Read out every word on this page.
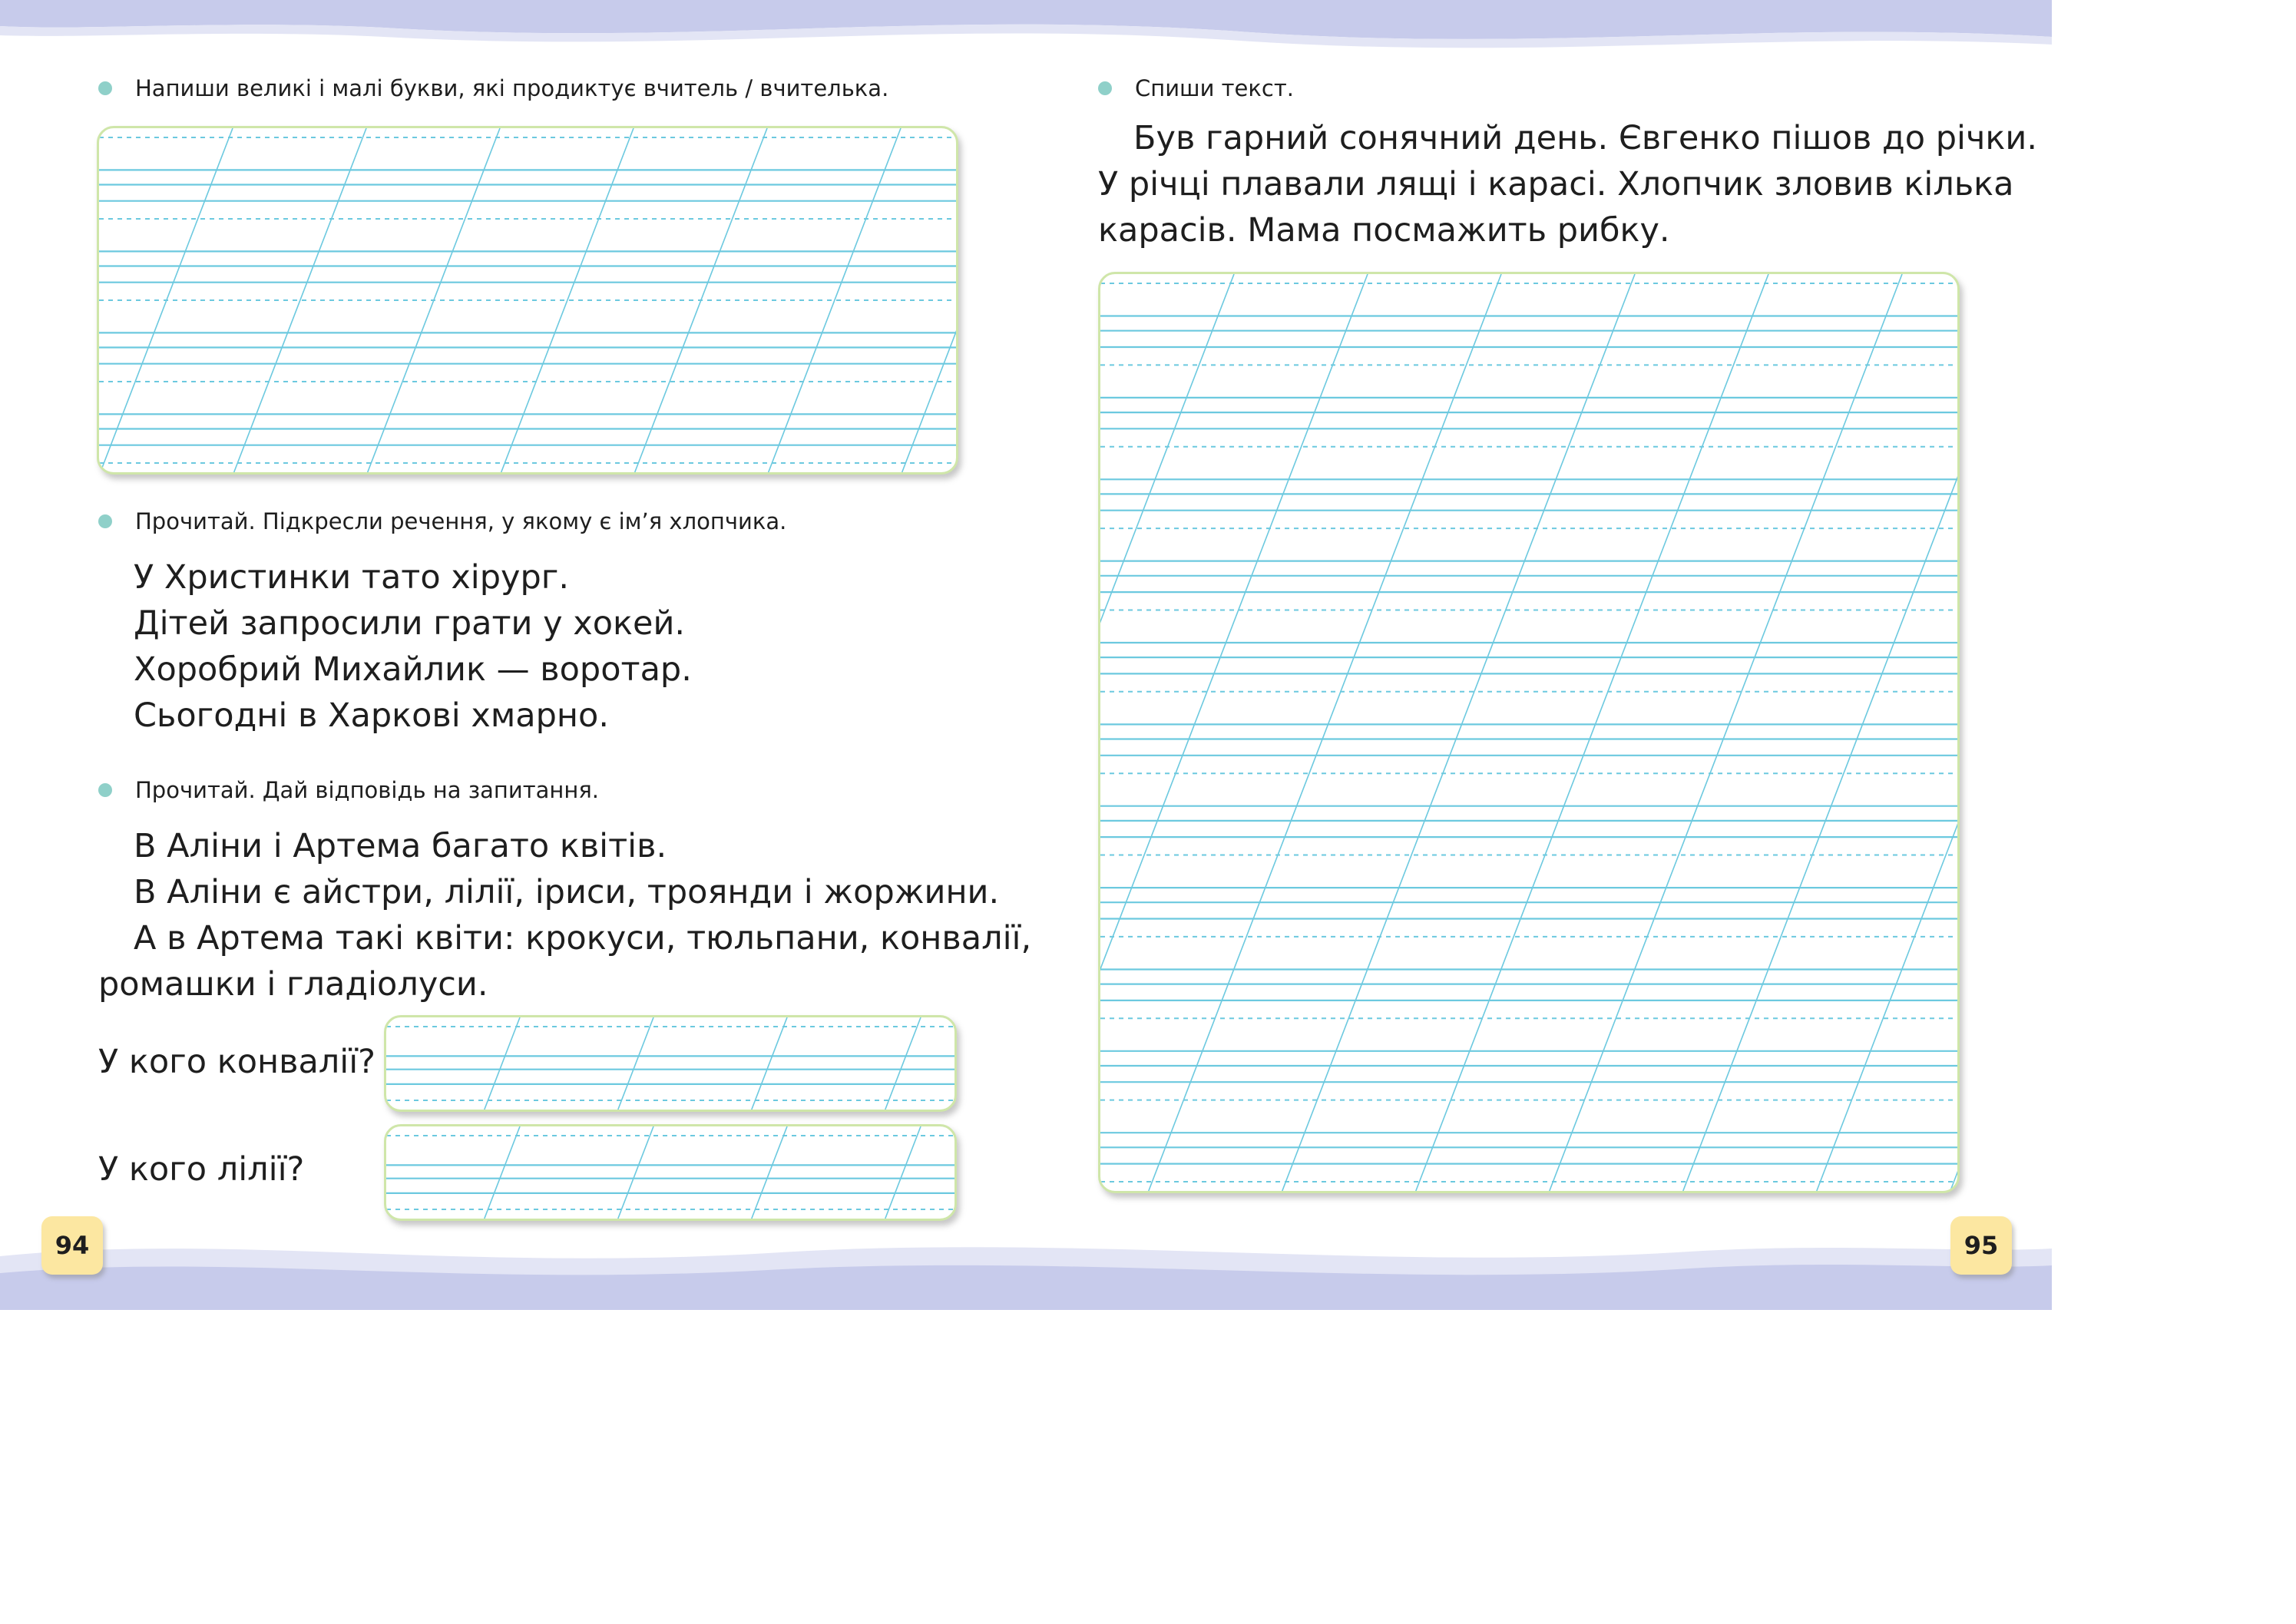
Напиши великі і малі букви, які продиктує вчитель / вчителька.
Прочитай. Підкресли речення, у якому є ім’я хлопчика.
У Христинки тато хірург.
Дітей запросили грати у хокей.
Хоробрий Михайлик — воротар.
Сьогодні в Харкові хмарно.
Прочитай. Дай відповідь на запитання.
В Аліни і Артема багато квітів.
В Аліни є айстри, лілії, іриси, троянди і жоржини.
А в Артема такі квіти: крокуси, тюльпани, конвалії,
ромашки і гладіолуси.
У кого конвалії?
У кого лілії?
94
Спиши текст.
Був гарний сонячний день. Євгенко пішов до річки.
У річці плавали лящі і карасі. Хлопчик зловив кілька
карасів. Мама посмажить рибку.
95
